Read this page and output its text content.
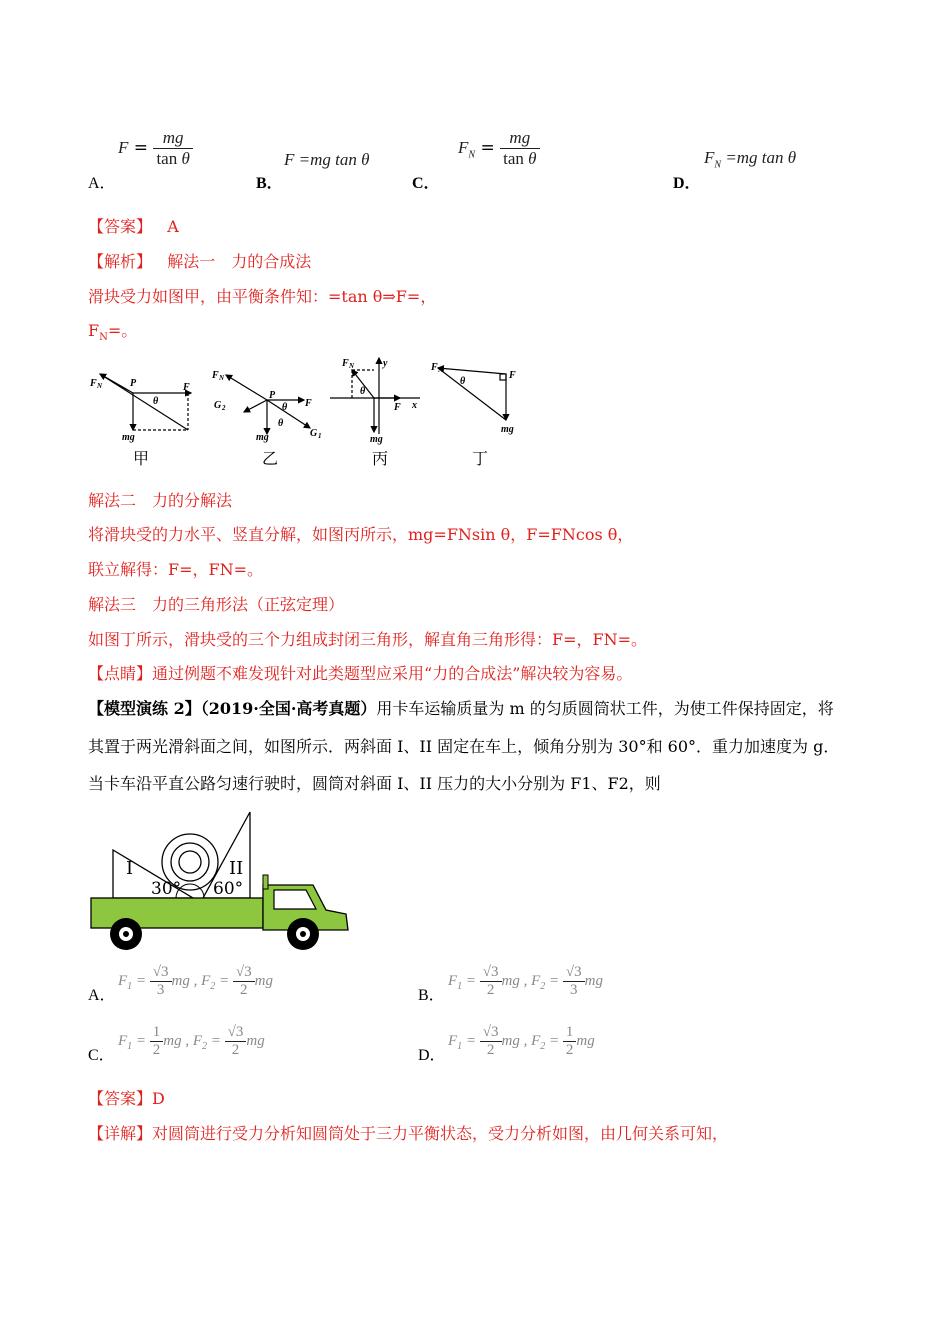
$F = \frac{mg}{\text{tan θ}}$
A．
F =mg tan θ
B．
$F_N = \frac{mg}{\text{tan θ}}$
C．
$F_N =mg$ tan θ
D．
【答案】 A
【解析】 解法一　力的合成法
滑块受力如图甲，由平衡条件知：=tan θ⇒F=，
$F_N=$。
F N	P	F
θ
mg
F N
P
G 2	θ F
mg
θ
G 1
F N	y
θ
F x
mg
F N
θ
F
mg
甲	乙	丙	丁
解法二　力的分解法
将滑块受的力水平、竖直分解，如图丙所示，mg=FNsin θ，F=FNcos θ，
联立解得：F=，FN=。
解法三　力的三角形法（正弦定理）
如图丁所示，滑块受的三个力组成封闭三角形，解直角三角形得：F=，FN=。
【点睛】通过例题不难发现针对此类题型应采用“力的合成法”解决较为容易。
【模型演练 2】（2019·全国·高考真题）用卡车运输质量为 m 的匀质圆筒状工件，为使工件保持固定，将
其置于两光滑斜面之间，如图所示．两斜面 I、II 固定在车上，倾角分别为 30°和 60°．重力加速度为 g．
当卡车沿平直公路匀速行驶时，圆筒对斜面 I、II 压力的大小分别为 F1、F2，则
I	II
30° 60°
A．
$F_1 = \frac{√3}{3}$ mg , $F_2 = \frac{√3}{2}$ mg
B．
$F_1 = \frac{√3}{2}$ mg , $F_2 = \frac{√3}{3}$ mg
C．
$F_1 = \frac{1}{2}$ mg , $F_2 = \frac{√3}{2}$ mg
D．
$F_1 = \frac{√3}{2}$ mg , $F_2 = \frac{1}{2}$ mg
【答案】D
【详解】对圆筒进行受力分析知圆筒处于三力平衡状态，受力分析如图，由几何关系可知，
